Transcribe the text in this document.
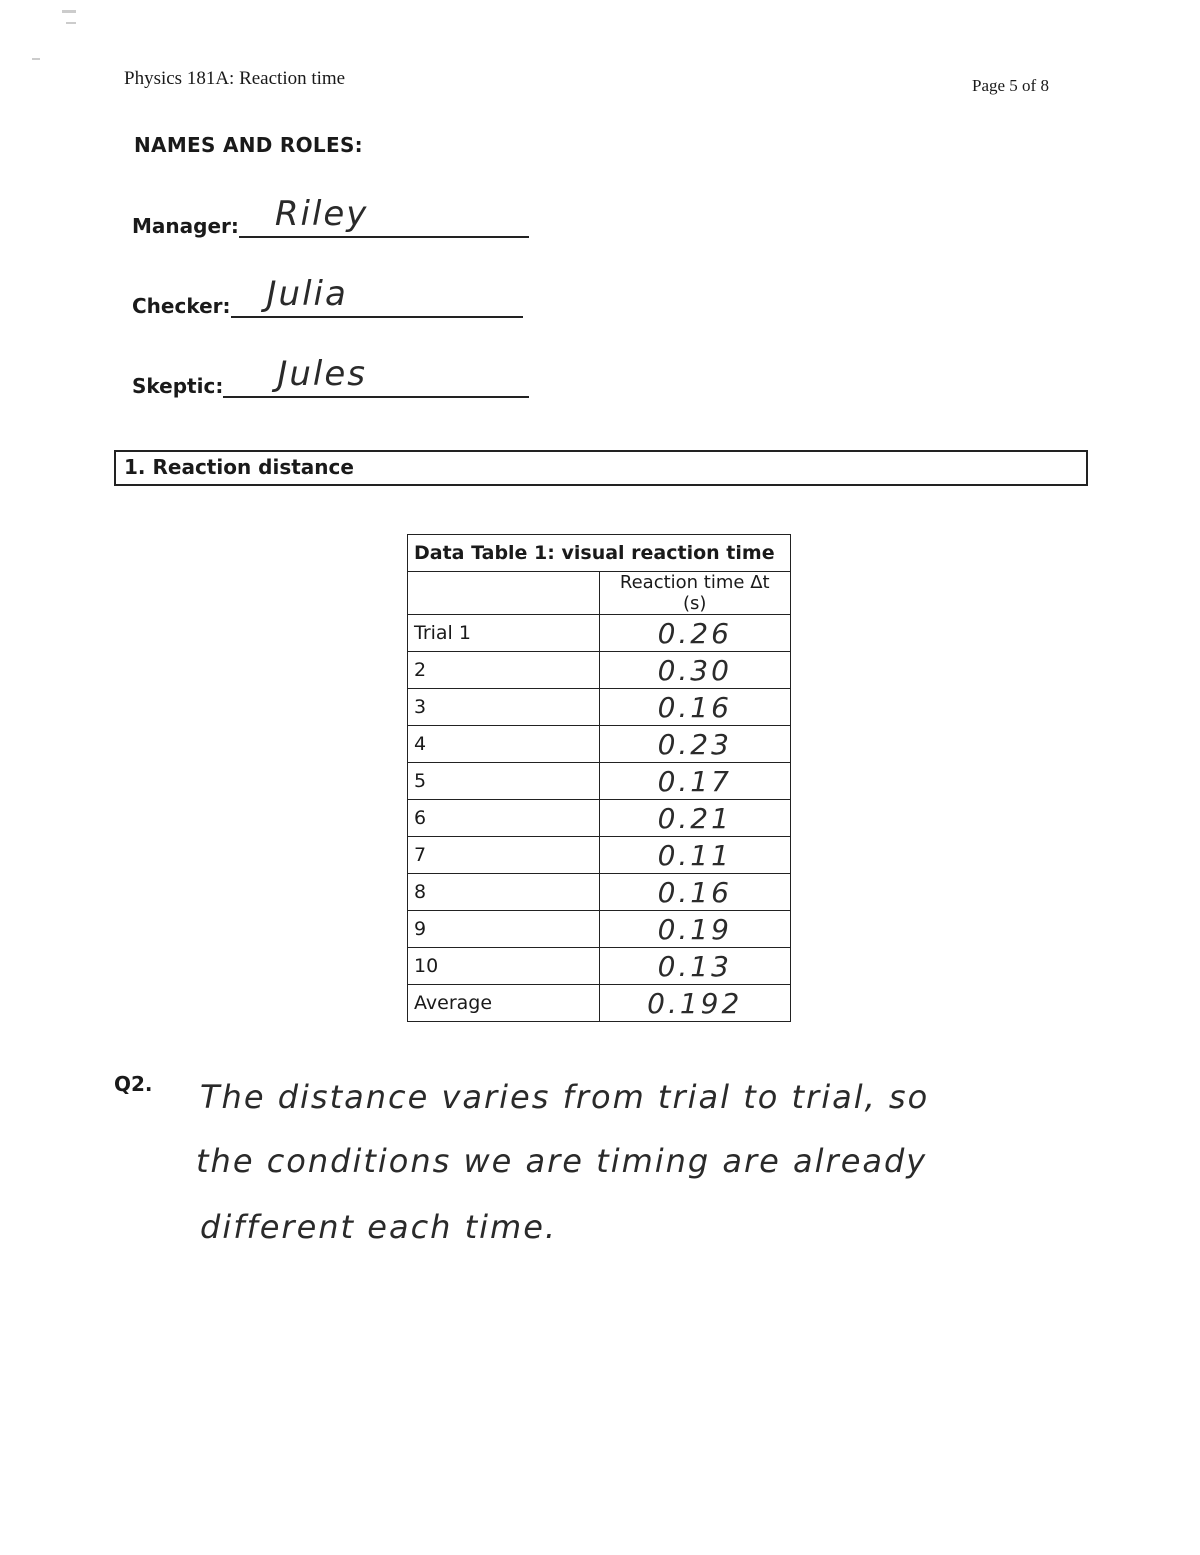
Physics 181A: Reaction time	Page 5 of 8
NAMES AND ROLES:
Manager: Riley
Checker: Julia
Skeptic: Jules
1. Reaction distance
Data Table 1: visual reaction time	
	Reaction time Δt (s)
Trial 1	0.26
2	0.30
3	0.16
4	0.23
5	0.17
6	0.21
7	0.11
8	0.16
9	0.19
10	0.13
Average	0.192
Q2. The distance varies from trial to trial, so
the conditions we are timing are already
different each time.
